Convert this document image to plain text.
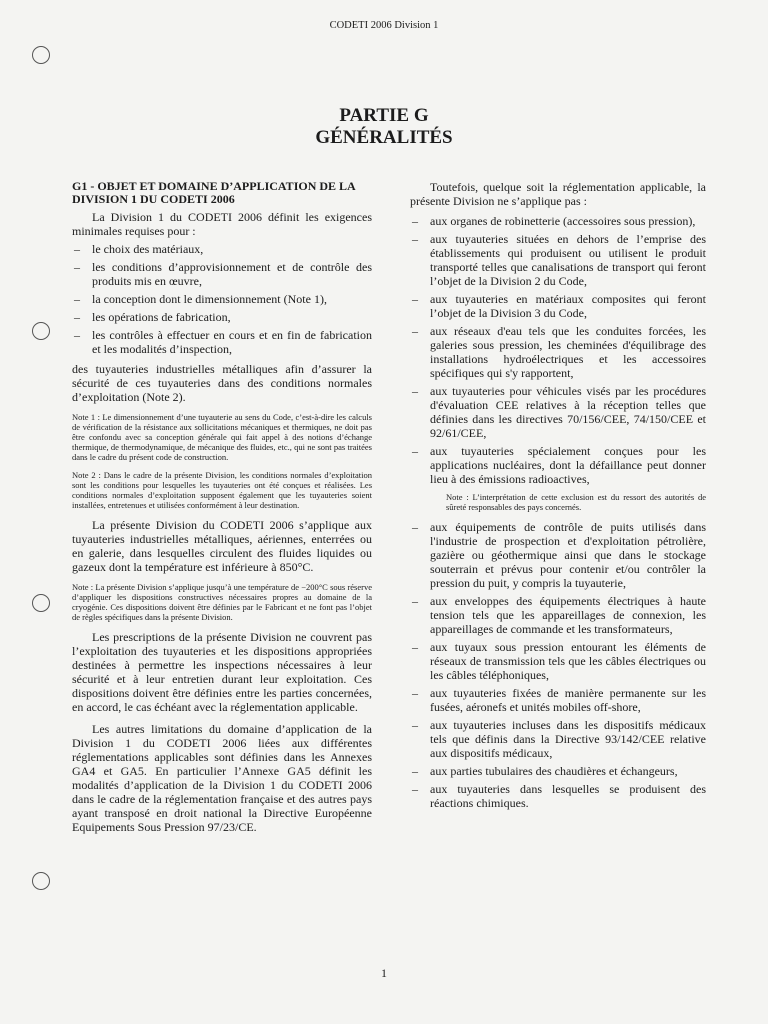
CODETI 2006 Division 1
PARTIE G
GÉNÉRALITÉS
G1 - OBJET ET DOMAINE D’APPLICATION DE LA DIVISION 1 DU CODETI 2006

La Division 1 du CODETI 2006 définit les exigences minimales requises pour :

– le choix des matériaux,
– les conditions d’approvisionnement et de contrôle des produits mis en œuvre,
– la conception dont le dimensionnement (Note 1),
– les opérations de fabrication,
– les contrôles à effectuer en cours et en fin de fabrication et les modalités d’inspection,

des tuyauteries industrielles métalliques afin d’assurer la sécurité de ces tuyauteries dans des conditions normales d’exploitation (Note 2).

Note 1 : Le dimensionnement d’une tuyauterie au sens du Code, c’est-à-dire les calculs de vérification de la résistance aux sollicitations mécaniques et thermiques, ne doit pas être confondu avec sa conception générale qui fait appel à des notions d’échange thermique, de thermodynamique, de mécanique des fluides, etc., qui ne sont pas traitées dans le cadre du présent code de construction.

Note 2 : Dans le cadre de la présente Division, les conditions normales d’exploitation sont les conditions pour lesquelles les tuyauteries ont été conçues et réalisées. Les conditions normales d’exploitation supposent également que les tuyauteries soient installées, entretenues et utilisées conformément à leur destination.

La présente Division du CODETI 2006 s’applique aux tuyauteries industrielles métalliques, aériennes, enterrées ou en galerie, dans lesquelles circulent des fluides liquides ou gazeux dont la température est inférieure à 850°C.

Note : La présente Division s’applique jusqu’à une température de −200°C sous réserve d’appliquer les dispositions constructives nécessaires propres au domaine de la cryogénie. Ces dispositions doivent être définies par le Fabricant et ne font pas l’objet de règles spécifiques dans la présente Division.

Les prescriptions de la présente Division ne couvrent pas l’exploitation des tuyauteries et les dispositions appropriées destinées à permettre les inspections nécessaires à leur sécurité et à leur entretien durant leur exploitation. Ces dispositions doivent être définies entre les parties concernées, en accord, le cas échéant avec la réglementation applicable.

Les autres limitations du domaine d’application de la Division 1 du CODETI 2006 liées aux différentes réglementations applicables sont définies dans les Annexes GA4 et GA5. En particulier l’Annexe GA5 définit les modalités d’application de la Division 1 du CODETI 2006 dans le cadre de la réglementation française et des autres pays ayant transposé en droit national la Directive Européenne Equipements Sous Pression 97/23/CE.

Toutefois, quelque soit la réglementation applicable, la présente Division ne s’applique pas :

– aux organes de robinetterie (accessoires sous pression),
– aux tuyauteries situées en dehors de l’emprise des établissements qui produisent ou utilisent le produit transporté telles que canalisations de transport qui feront l’objet de la Division 2 du Code,
– aux tuyauteries en matériaux composites qui feront l’objet de la Division 3 du Code,
– aux réseaux d'eau tels que les conduites forcées, les galeries sous pression, les cheminées d'équilibrage des installations hydroélectriques et les accessoires spécifiques qui s'y rapportent,
– aux tuyauteries pour véhicules visés par les procédures d'évaluation CEE relatives à la réception telles que définies dans les directives 70/156/CEE, 74/150/CEE et 92/61/CEE,
– aux tuyauteries spécialement conçues pour les applications nucléaires, dont la défaillance peut donner lieu à des émissions radioactives,

Note : L’interprétation de cette exclusion est du ressort des autorités de sûreté responsables des pays concernés.

– aux équipements de contrôle de puits utilisés dans l'industrie de prospection et d'exploitation pétrolière, gazière ou géothermique ainsi que dans le stockage souterrain et prévus pour contenir et/ou contrôler la pression du puit, y compris la tuyauterie,
– aux enveloppes des équipements électriques à haute tension tels que les appareillages de connexion, les appareillages de commande et les transformateurs,
– aux tuyaux sous pression entourant les éléments de réseaux de transmission tels que les câbles électriques ou les câbles téléphoniques,
– aux tuyauteries fixées de manière permanente sur les fusées, aéronefs et unités mobiles off-shore,
– aux tuyauteries incluses dans les dispositifs médicaux tels que définis dans la Directive 93/142/CEE relative aux dispositifs médicaux,
– aux parties tubulaires des chaudières et échangeurs,
– aux tuyauteries dans lesquelles se produisent des réactions chimiques.
1
